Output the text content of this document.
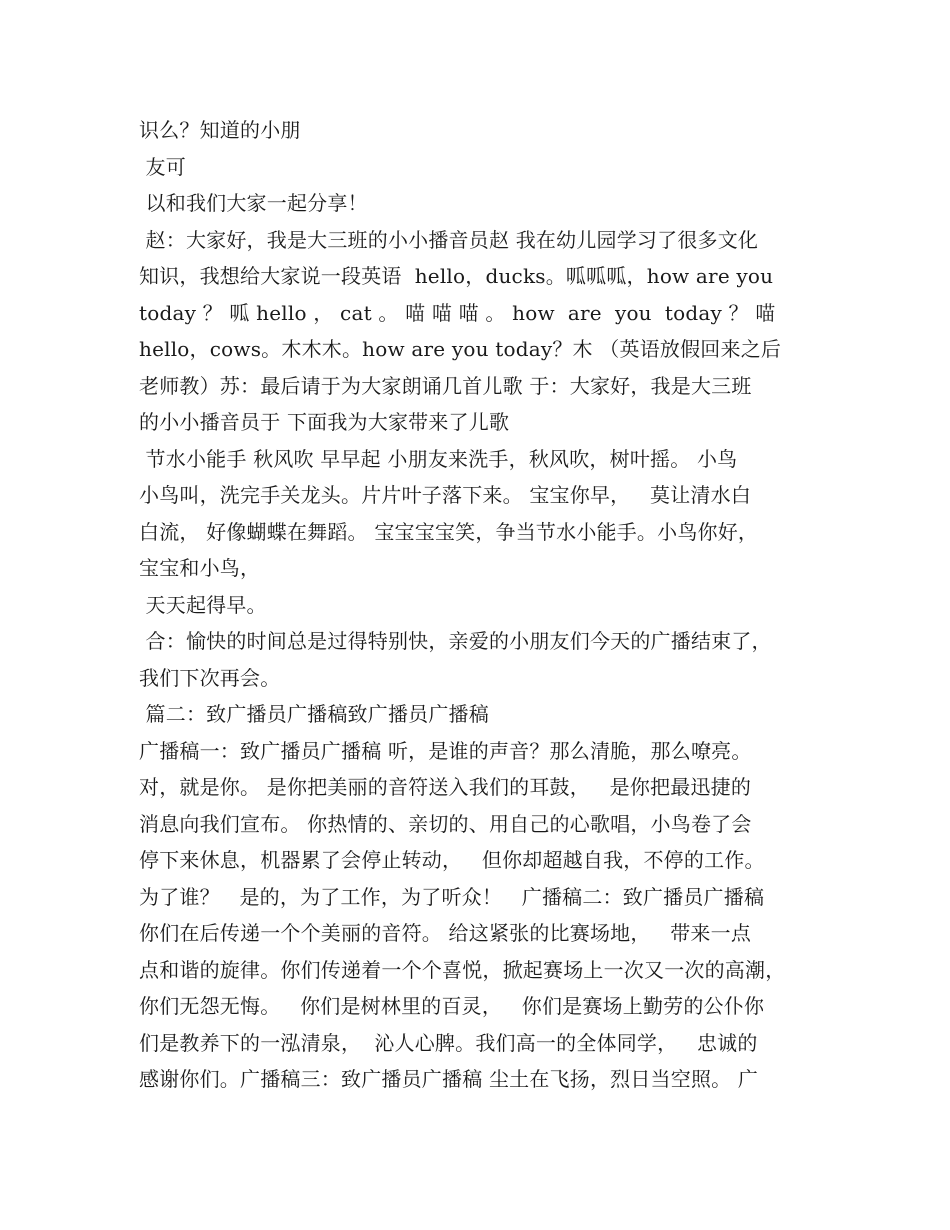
识么？知道的小朋
友可
以和我们大家一起分享！
赵：大家好，我是大三班的小小播音员赵 我在幼儿园学习了很多文化
知识，我想给大家说一段英语  hello，ducks。呱呱呱，how are you
today ？ 呱 hello ， cat 。 喵 喵 喵 。 how  are  you  today ？ 喵
hello，cows。木木木。how are you today？木 （英语放假回来之后
老师教）苏：最后请于为大家朗诵几首儿歌 于：大家好，我是大三班
的小小播音员于 下面我为大家带来了儿歌
节水小能手 秋风吹 早早起 小朋友来洗手，秋风吹，树叶摇。 小鸟
小鸟叫，洗完手关龙头。片片叶子落下来。 宝宝你早，   莫让清水白
白流， 好像蝴蝶在舞蹈。 宝宝宝宝笑，争当节水小能手。小鸟你好，
宝宝和小鸟，
天天起得早。
合：愉快的时间总是过得特别快，亲爱的小朋友们今天的广播结束了，
我们下次再会。
篇二：致广播员广播稿致广播员广播稿
广播稿一：致广播员广播稿 听，是谁的声音？那么清脆，那么嘹亮。
对，就是你。 是你把美丽的音符送入我们的耳鼓，   是你把最迅捷的
消息向我们宣布。 你热情的、亲切的、用自己的心歌唱，小鸟卷了会
停下来休息，机器累了会停止转动，   但你却超越自我，不停的工作。
为了谁？   是的，为了工作，为了听众！   广播稿二：致广播员广播稿
你们在后传递一个个美丽的音符。 给这紧张的比赛场地，   带来一点
点和谐的旋律。你们传递着一个个喜悦，掀起赛场上一次又一次的高潮，
你们无怨无悔。   你们是树林里的百灵，   你们是赛场上勤劳的公仆你
们是教养下的一泓清泉，  沁人心脾。我们高一的全体同学，   忠诚的
感谢你们。广播稿三：致广播员广播稿 尘土在飞扬，烈日当空照。 广
